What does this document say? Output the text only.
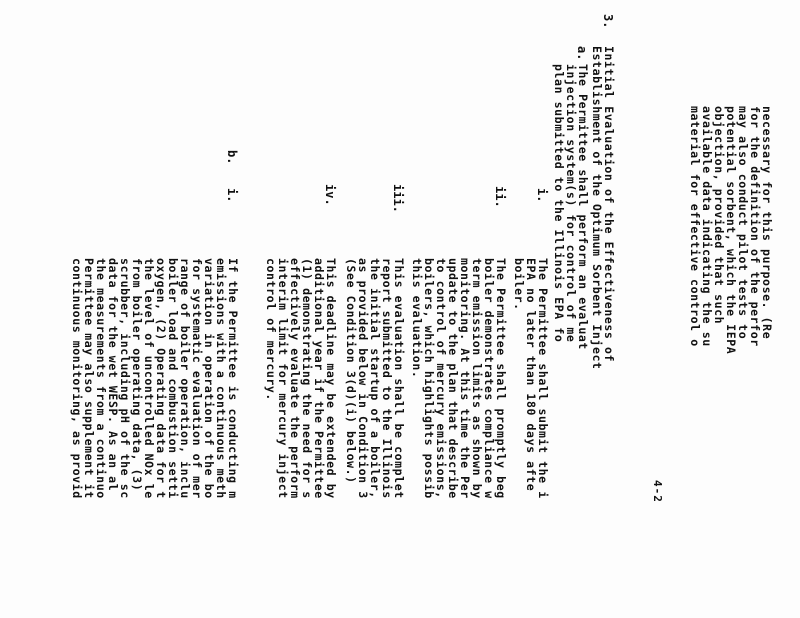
necessary for this purpose. (Re
for the definition of the perfor
may also conduct pilot tests to
potential sorbent, which the IEPA
objection, provided that such
available data indicating the su
material for effective control o
3.
Initial Evaluation of the Effectiveness of
Establishment of the Optimum Sorbent Inject
a.
The Permittee shall perform an evaluat
injection system(s) for control of me
plan submitted to the Illinois EPA fo
i.
The Permittee shall submit the i
EPA no later than 180 days afte
boiler.
ii.
The Permittee shall promptly beg
boiler demonstrates compliance w
term emission limits as shown by
monitoring. At this time the Per
update to the plan that describe
to control of mercury emissions,
boilers, which highlights possib
this evaluation.
iii.
This evaluation shall be complet
report submitted to the Illinois
the initial startup of a boiler,
as provided below in Condition 3
(See Condition 3(d)(i) below.)
iv.
This deadline may be extended by
additional year if the Permittee
(1) demonstrating the need for s
effectively evaluate the perform
interim limit for mercury inject
control of mercury.
b.
i.
If the Permittee is conducting m
emissions with a continuous meth
variation in operation of the bo
for systematic evaluation of mer
range of boiler operation, inclu
boiler load and combustion setti
oxygen, (2) Operating data for t
the level of uncontrolled NOx le
from boiler operating data, (3)
scrubber, including pH of the sc
data for the wet WESP. As an al
the measurements from a continuo
Permittee may also supplement it
continuous monitoring, as provid	4-2
